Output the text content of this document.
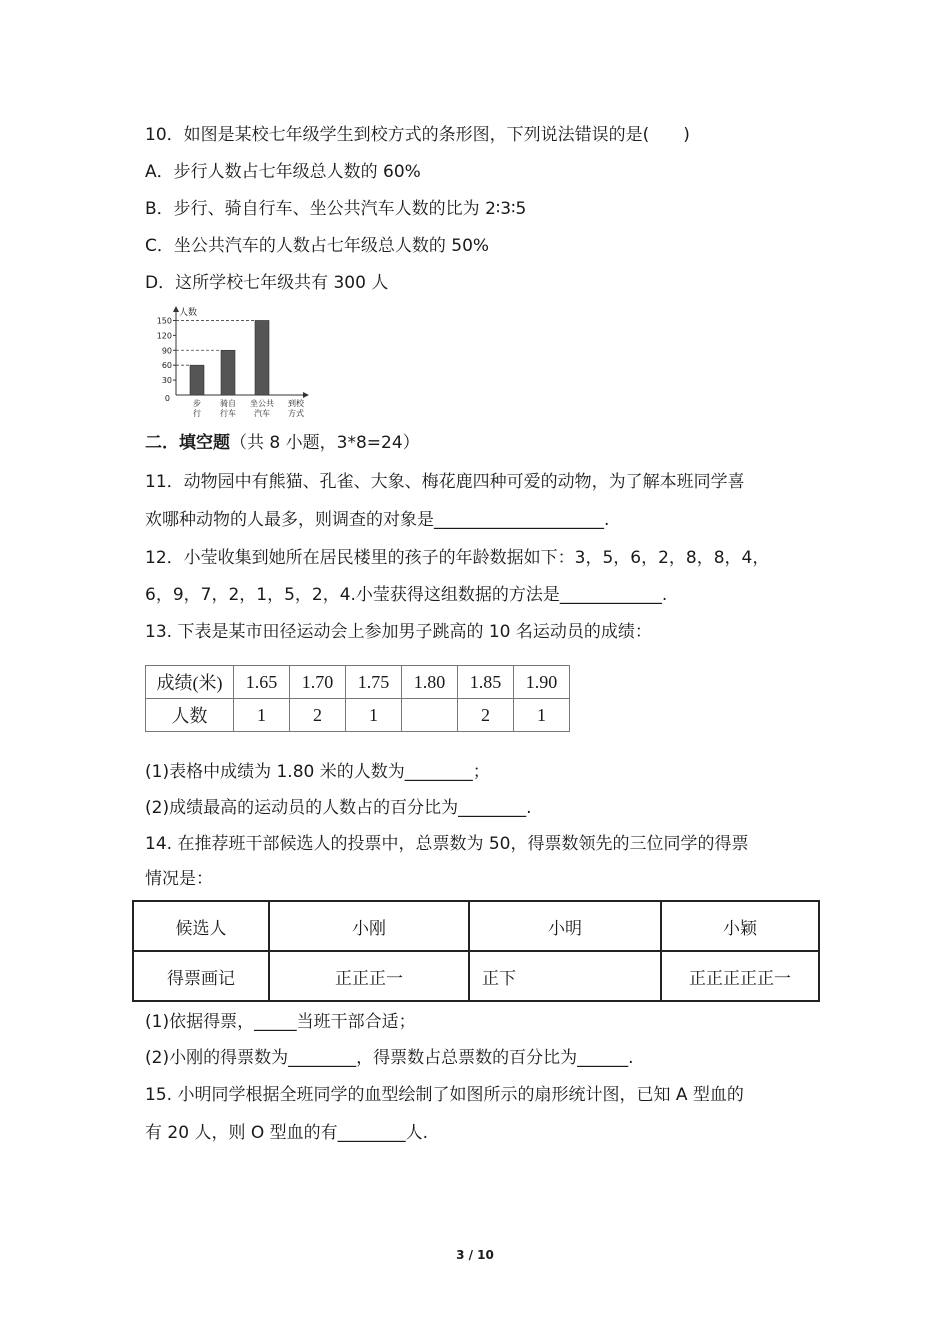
10．如图是某校七年级学生到校方式的条形图，下列说法错误的是(　　)
A．步行人数占七年级总人数的 60%
B．步行、骑自行车、坐公共汽车人数的比为 2∶3∶5
C．坐公共汽车的人数占七年级总人数的 50%
D．这所学校七年级共有 300 人
人数
0
到校
方式
30
60
90
120
150
步
行
骑自
行车
坐公共
汽车
二．填空题（共 8 小题，3*8=24）
11．动物园中有熊猫、孔雀、大象、梅花鹿四种可爱的动物，为了解本班同学喜
欢哪种动物的人最多，则调查的对象是____________________.
12．小莹收集到她所在居民楼里的孩子的年龄数据如下：3，5，6，2，8，8，4，
6，9，7，2，1，5，2，4.小莹获得这组数据的方法是____________.
13. 下表是某市田径运动会上参加男子跳高的 10 名运动员的成绩：
成绩(米)	1.65	1.70	1.75	1.80	1.85	1.90
人数	1	2	1		2	1
(1)表格中成绩为 1.80 米的人数为________；
(2)成绩最高的运动员的人数占的百分比为________.
14. 在推荐班干部候选人的投票中，总票数为 50，得票数领先的三位同学的得票
情况是：
候选人	小刚	小明	小颖
得票画记	正正正一	正下	正正正正正一
(1)依据得票，_____当班干部合适；
(2)小刚的得票数为________，得票数占总票数的百分比为______.
15. 小明同学根据全班同学的血型绘制了如图所示的扇形统计图，已知 A 型血的
有 20 人，则 O 型血的有________人.
3 / 10
